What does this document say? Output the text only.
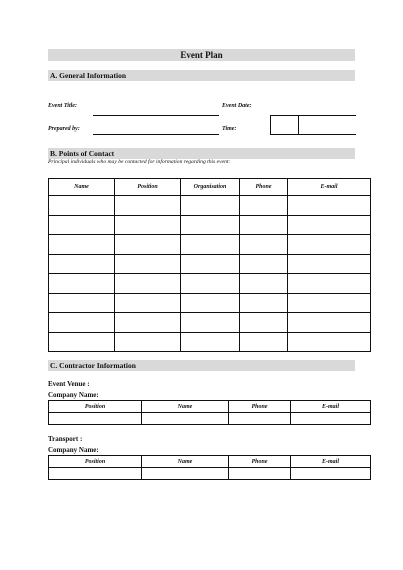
Event Plan
A. General Information
Event Title:	Event Date:
Prepared by:	Time:
B. Points of Contact
Principal individuals who may be contacted for information regarding this event:
Name	Position	Organisation	Phone	E-mail

C. Contractor Information
Event Venue :
Company Name:
Position	Name	Phone	E-mail

Transport :
Company Name:
Position	Name	Phone	E-mail
